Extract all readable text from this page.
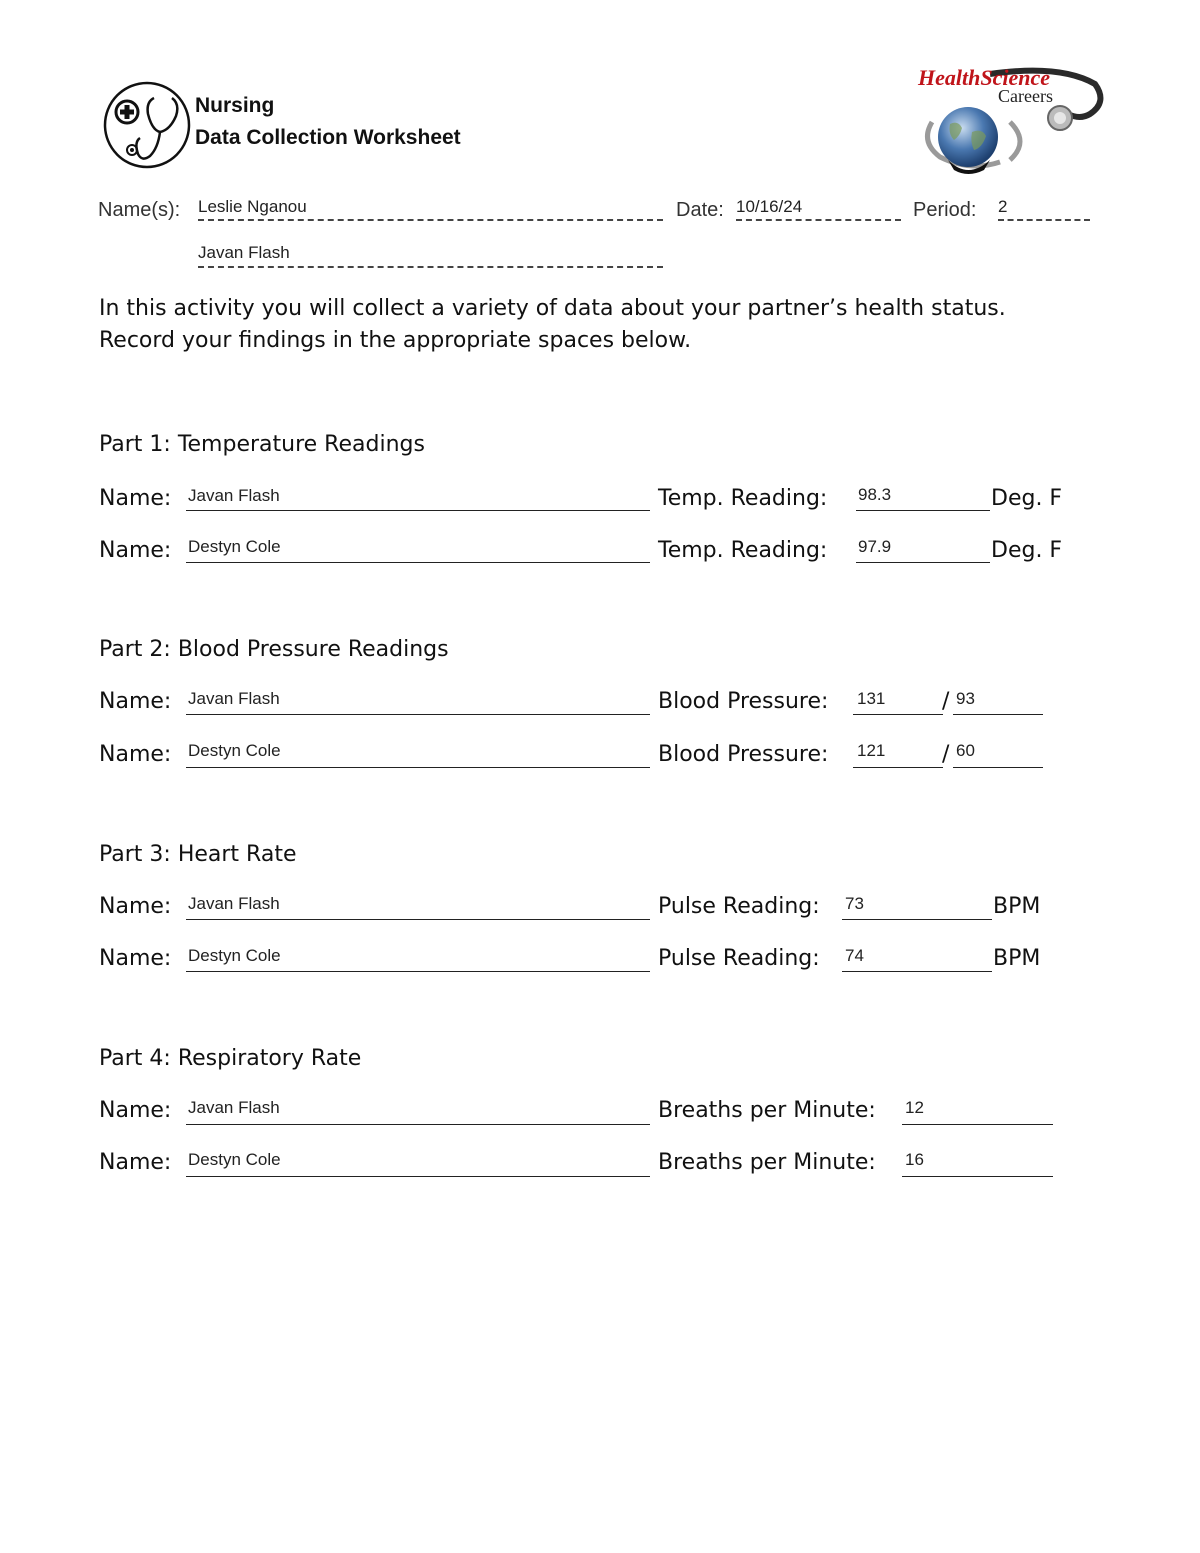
Nursing
Data Collection Worksheet
HealthScience
Careers
Name(s): Leslie Nganou	Date: 10/16/24	Period: 2
Javan Flash
In this activity you will collect a variety of data about your partner’s health status.
Record your findings in the appropriate spaces below.
Part 1: Temperature Readings
Name: Javan Flash	Temp. Reading: 98.3	Deg. F
Name: Destyn Cole	Temp. Reading: 97.9	Deg. F
Part 2: Blood Pressure Readings
Name: Javan Flash	Blood Pressure: 131	/ 93
Name: Destyn Cole	Blood Pressure: 121	/ 60
Part 3: Heart Rate
Name: Javan Flash	Pulse Reading: 73	BPM
Name: Destyn Cole	Pulse Reading: 74	BPM
Part 4: Respiratory Rate
Name: Javan Flash	Breaths per Minute: 12
Name: Destyn Cole	Breaths per Minute: 16
